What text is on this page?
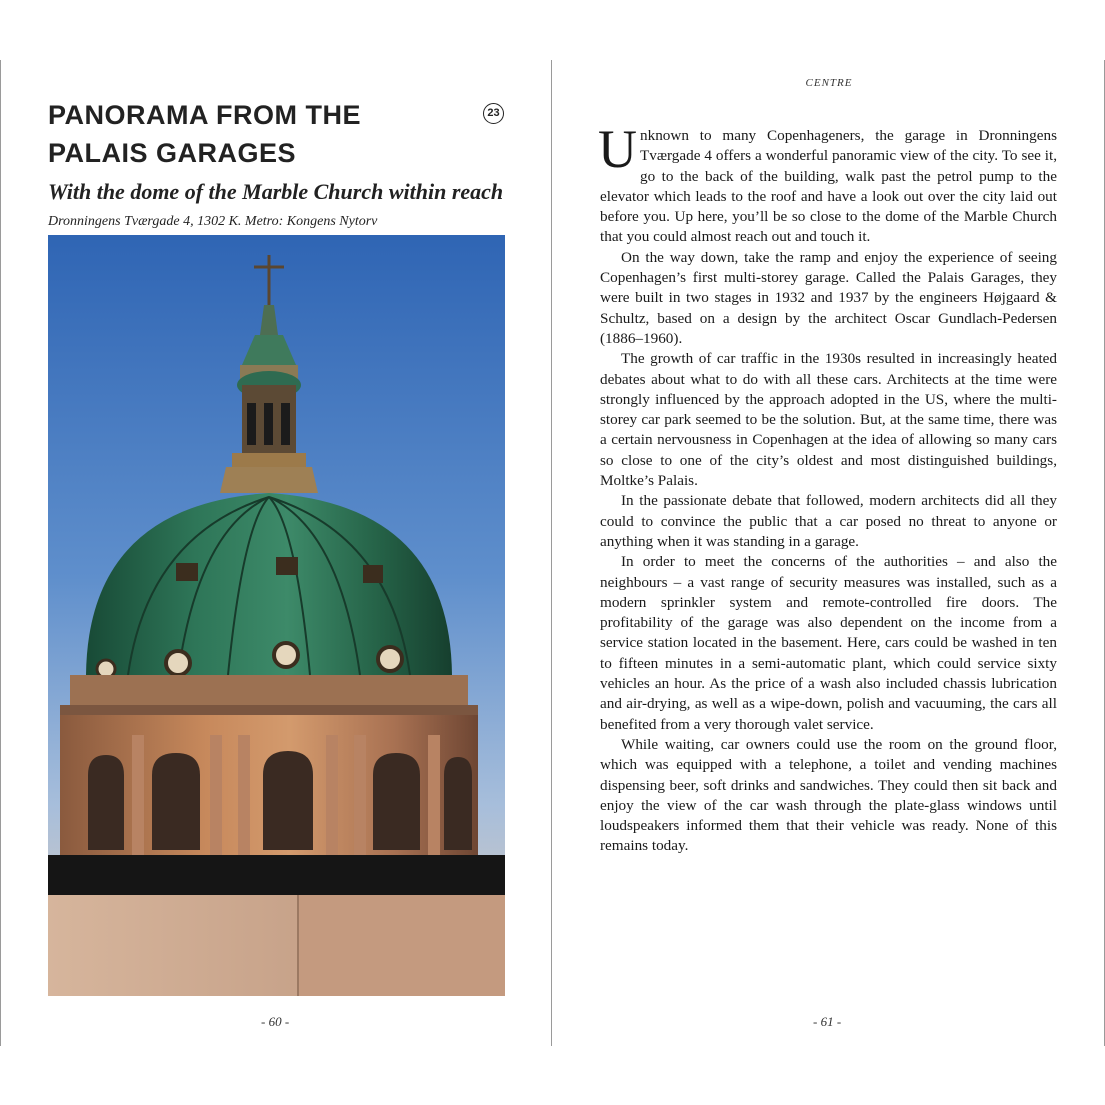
PANORAMA FROM THE PALAIS GARAGES
23
With the dome of the Marble Church within reach

Dronningens Tværgade 4, 1302 K. Metro: Kongens Nytorv

- 60 -

CENTRE

Unknown to many Copenhageners, the garage in Dronningens Tværgade 4 offers a wonderful panoramic view of the city. To see it, go to the back of the building, walk past the petrol pump to the elevator which leads to the roof and have a look out over the city laid out before you. Up here, you’ll be so close to the dome of the Marble Church that you could almost reach out and touch it.

On the way down, take the ramp and enjoy the experience of seeing Copenhagen’s first multi-storey garage. Called the Palais Garages, they were built in two stages in 1932 and 1937 by the engineers Højgaard & Schultz, based on a design by the architect Oscar Gundlach-Pedersen (1886–1960).

The growth of car traffic in the 1930s resulted in increasingly heated debates about what to do with all these cars. Architects at the time were strongly influenced by the approach adopted in the US, where the multi-storey car park seemed to be the solution. But, at the same time, there was a certain nervousness in Copenhagen at the idea of allowing so many cars so close to one of the city’s oldest and most distinguished buildings, Moltke’s Palais.

In the passionate debate that followed, modern architects did all they could to convince the public that a car posed no threat to anyone or anything when it was standing in a garage.

In order to meet the concerns of the authorities – and also the neighbours – a vast range of security measures was installed, such as a modern sprinkler system and remote-controlled fire doors. The profitability of the garage was also dependent on the income from a service station located in the basement. Here, cars could be washed in ten to fifteen minutes in a semi-automatic plant, which could service sixty vehicles an hour. As the price of a wash also included chassis lubrication and air-drying, as well as a wipe-down, polish and vacuuming, the cars all benefited from a very thorough valet service.

While waiting, car owners could use the room on the ground floor, which was equipped with a telephone, a toilet and vending machines dispensing beer, soft drinks and sandwiches. They could then sit back and enjoy the view of the car wash through the plate-glass windows until loudspeakers informed them that their vehicle was ready. None of this remains today.

- 61 -
